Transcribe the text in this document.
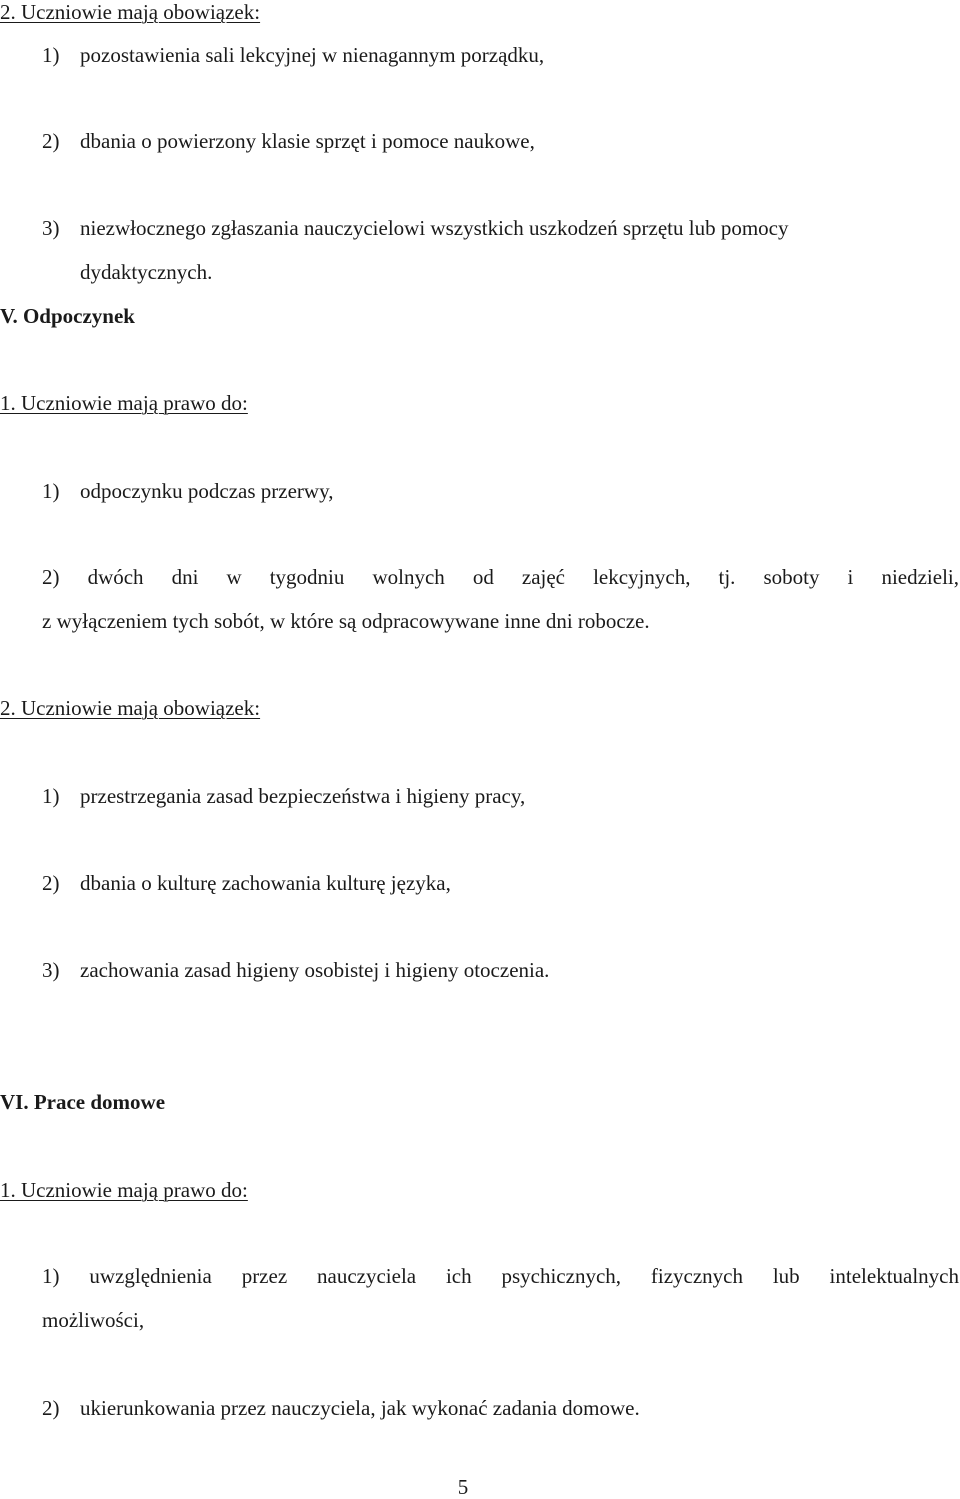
2. Uczniowie mają obowiązek:
1) pozostawienia sali lekcyjnej w nienagannym porządku,
2) dbania o powierzony klasie sprzęt i pomoce naukowe,
3) niezwłocznego zgłaszania nauczycielowi wszystkich uszkodzeń sprzętu lub pomocy
dydaktycznych.
V. Odpoczynek
1. Uczniowie mają prawo do:
1) odpoczynku podczas przerwy,
2) dwóch dni w tygodniu wolnych od zajęć lekcyjnych, tj. soboty i niedzieli,
z wyłączeniem tych sobót, w które są odpracowywane inne dni robocze.
2. Uczniowie mają obowiązek:
1) przestrzegania zasad bezpieczeństwa i higieny pracy,
2) dbania o kulturę zachowania kulturę języka,
3) zachowania zasad higieny osobistej i higieny otoczenia.
VI. Prace domowe
1. Uczniowie mają prawo do:
1) uwzględnienia przez nauczyciela ich psychicznych, fizycznych lub intelektualnych
możliwości,
2) ukierunkowania przez nauczyciela, jak wykonać zadania domowe.
5
